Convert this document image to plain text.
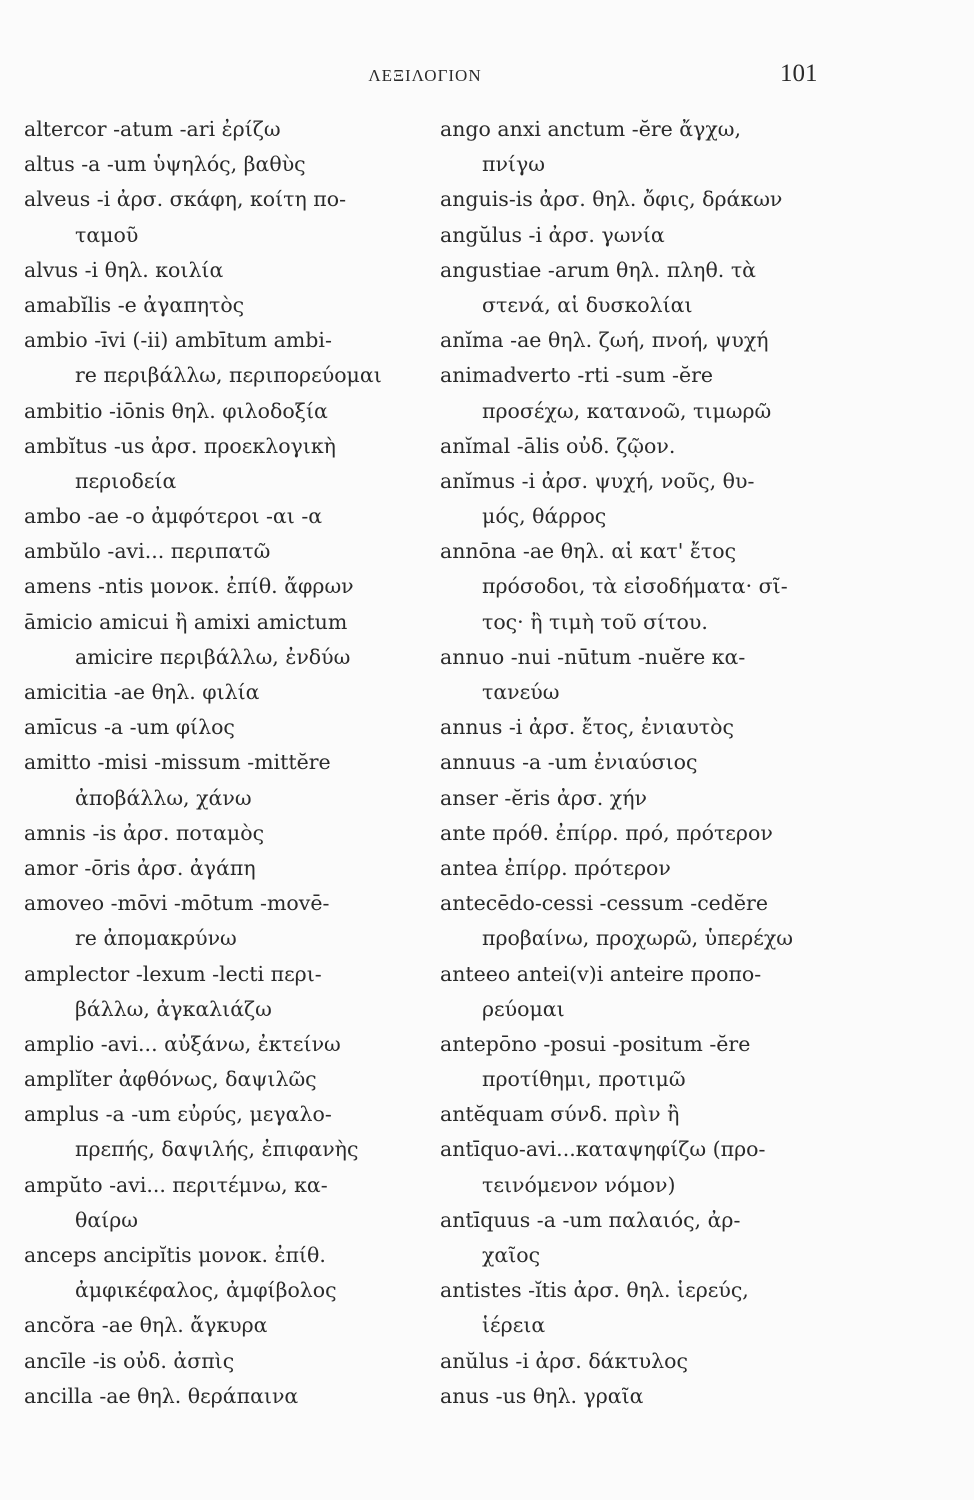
ΛΕΞΙΛΟΓΙΟΝ	101
altercor -atum -ari ἐρίζω
altus -a -um ὑψηλός, βαθὺς
alveus -i ἀρσ. σκάφη, κοίτη πο-
ταμοῦ
alvus -i θηλ. κοιλία
amabĭlis -e ἀγαπητὸς
ambio -īvi (-ii) ambītum ambi-
re περιβάλλω, περιπορεύομαι
ambitio -iōnis θηλ. φιλοδοξία
ambĭtus -us ἀρσ. προεκλογικὴ
περιοδεία
ambo -ae -o ἀμφότεροι -αι -α
ambŭlo -avi... περιπατῶ
amens -ntis μονοκ. ἐπίθ. ἄφρων
āmicio amicui ἢ amixi amictum
amicire περιβάλλω, ἐνδύω
amicitia -ae θηλ. φιλία
amīcus -a -um φίλος
amitto -misi -missum -mittĕre
ἀποβάλλω, χάνω
amnis -is ἀρσ. ποταμὸς
amor -ōris ἀρσ. ἀγάπη
amoveo -mōvi -mōtum -movē-
re ἀπομακρύνω
amplector -lexum -lecti περι-
βάλλω, ἀγκαλιάζω
amplio -avi... αὐξάνω, ἐκτείνω
amplĭter ἀφθόνως, δαψιλῶς
amplus -a -um εὐρύς, μεγαλο-
πρεπής, δαψιλής, ἐπιφανὴς
ampŭto -avi... περιτέμνω, κα-
θαίρω
anceps ancipĭtis μονοκ. ἐπίθ.
ἀμφικέφαλος, ἀμφίβολος
ancŏra -ae θηλ. ἄγκυρα
ancīle -is οὐδ. ἀσπὶς
ancilla -ae θηλ. θεράπαινα
ango anxi anctum -ĕre ἄγχω,
πνίγω
anguis-is ἀρσ. θηλ. ὄφις, δράκων
angŭlus -i ἀρσ. γωνία
angustiae -arum θηλ. πληθ. τὰ
στενά, αἱ δυσκολίαι
anĭma -ae θηλ. ζωή, πνοή, ψυχή
animadverto -rti -sum -ĕre
προσέχω, κατανοῶ, τιμωρῶ
anĭmal -ālis οὐδ. ζῷον.
anĭmus -i ἀρσ. ψυχή, νοῦς, θυ-
μός, θάρρος
annōna -ae θηλ. αἱ κατ' ἔτος
πρόσοδοι, τὰ εἰσοδήματα· σῖ-
τος· ἢ τιμὴ τοῦ σίτου.
annuo -nui -nūtum -nuĕre κα-
τανεύω
annus -i ἀρσ. ἔτος, ἐνιαυτὸς
annuus -a -um ἐνιαύσιος
anser -ĕris ἀρσ. χήν
ante πρόθ. ἐπίρρ. πρό, πρότερον
antea ἐπίρρ. πρότερον
antecēdo-cessi -cessum -cedĕre
προβαίνω, προχωρῶ, ὑπερέχω
anteeo antei(v)i anteire προπο-
ρεύομαι
antepōno -posui -positum -ĕre
προτίθημι, προτιμῶ
antĕquam σύνδ. πρὶν ἢ
antīquo-avi...καταψηφίζω (προ-
τεινόμενον νόμον)
antīquus -a -um παλαιός, ἀρ-
χαῖος
antistes -ĭtis ἀρσ. θηλ. ἱερεύς,
ἱέρεια
anŭlus -i ἀρσ. δάκτυλος
anus -us θηλ. γραῖα
